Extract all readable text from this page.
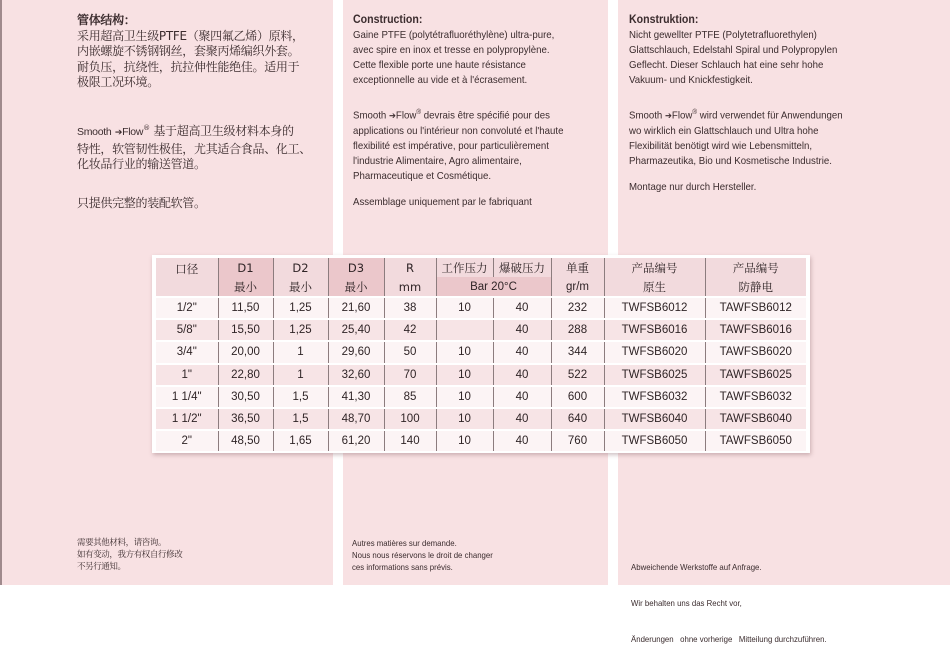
管体结构：
采用超高卫生级PTFE（聚四氟乙烯）原料，内嵌螺旋不锈钢钢丝，套聚丙烯编织外套。耐负压，抗绕性，抗拉伸性能绝佳。适用于极限工况环境。
Smooth ➔Flow® 基于超高卫生级材料本身的
特性，软管韧性极佳，尤其适合食品、化工、
化妆品行业的输送管道。
只提供完整的装配软管。
Construction:
Gaine PTFE (polytétrafluoréthylène) ultra-pure,
avec spire en inox et tresse en polypropylène.
Cette flexible porte une haute résistance
exceptionnelle au vide et à l'écrasement.
Smooth ➔Flow® devrais être spécifié pour des
applications ou l'intérieur non convoluté et l'haute
flexibilité est impérative, pour particulièrement
l'industrie Alimentaire, Agro alimentaire,
Pharmaceutique et Cosmétique.
Assemblage uniquement par le fabriquant
Konstruktion:
Nicht gewellter PTFE (Polytetrafluorethylen)
Glattschlauch, Edelstahl Spiral und Polypropylen
Geflecht. Dieser Schlauch hat eine sehr hohe
Vakuum- und Knickfestigkeit.
Smooth ➔Flow® wird verwendet für Anwendungen
wo wirklich ein Glattschlauch und Ultra hohe
Flexibilität benötigt wird wie Lebensmitteln,
Pharmazeutika, Bio und Kosmetische Industrie.
Montage nur durch Hersteller.
口径	D1	D2	D3	R	工作压力	爆破压力	单重	产品编号	产品编号
	最小	最小	最小	mm	Bar 20°C		gr/m	原生	防静电
1/2"	11,50	1,25	21,60	38	10	40	232	TWFSB6012	TAWFSB6012
5/8"	15,50	1,25	25,40	42		40	288	TWFSB6016	TAWFSB6016
3/4"	20,00	1	29,60	50	10	40	344	TWFSB6020	TAWFSB6020
1"	22,80	1	32,60	70	10	40	522	TWFSB6025	TAWFSB6025
1 1/4"	30,50	1,5	41,30	85	10	40	600	TWFSB6032	TAWFSB6032
1 1/2"	36,50	1,5	48,70	100	10	40	640	TWFSB6040	TAWFSB6040
2"	48,50	1,65	61,20	140	10	40	760	TWFSB6050	TAWFSB6050
需要其他材料，请咨询。
如有变动，我方有权自行修改
不另行通知。
Autres matières sur demande.
Nous nous réservons le droit de changer
ces informations sans prévis.

	Abweichende Werkstoffe auf Anfrage.

Wir behalten uns das Recht vor,

Änderungen   ohne vorherige   Mitteilung durchzuführen.
